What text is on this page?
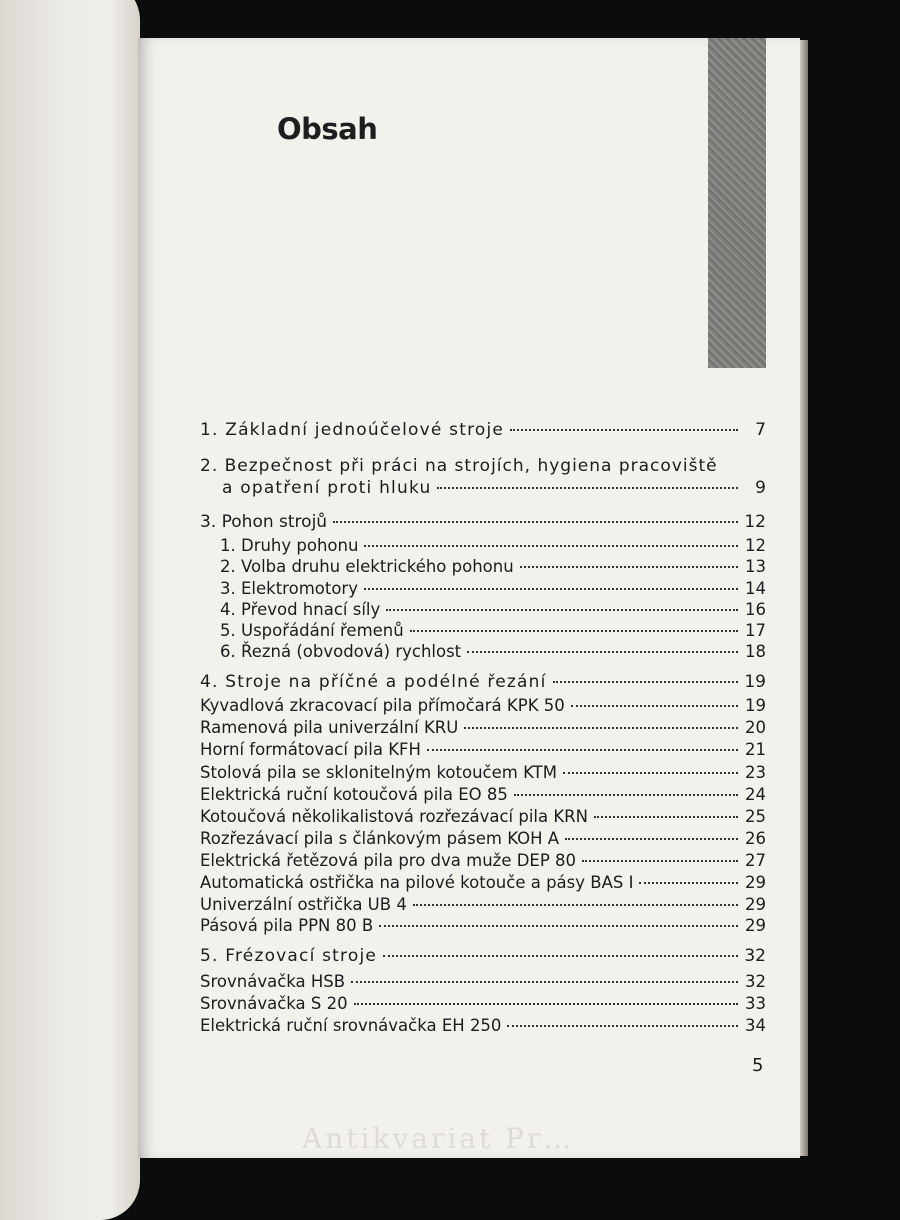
Obsah
1. Základní jednoúčelové stroje	7
2. Bezpečnost při práci na strojích, hygiena pracoviště
a opatření proti hluku	9
3. Pohon strojů	12
1. Druhy pohonu	12
2. Volba druhu elektrického pohonu	13
3. Elektromotory	14
4. Převod hnací síly	16
5. Uspořádání řemenů	17
6. Řezná (obvodová) rychlost	18
4. Stroje na příčné a podélné řezání	19
Kyvadlová zkracovací pila přímočará KPK 50	19
Ramenová pila univerzální KRU	20
Horní formátovací pila KFH	21
Stolová pila se sklonitelným kotoučem KTM	23
Elektrická ruční kotoučová pila EO 85	24
Kotoučová několikalistová rozřezávací pila KRN	25
Rozřezávací pila s článkovým pásem KOH A	26
Elektrická řetězová pila pro dva muže DEP 80	27
Automatická ostřička na pilové kotouče a pásy BAS I	29
Univerzální ostřička UB 4	29
Pásová pila PPN 80 B	29
5. Frézovací stroje	32
Srovnávačka HSB	32
Srovnávačka S 20	33
Elektrická ruční srovnávačka EH 250	34
5
Antikvariat Pr…
